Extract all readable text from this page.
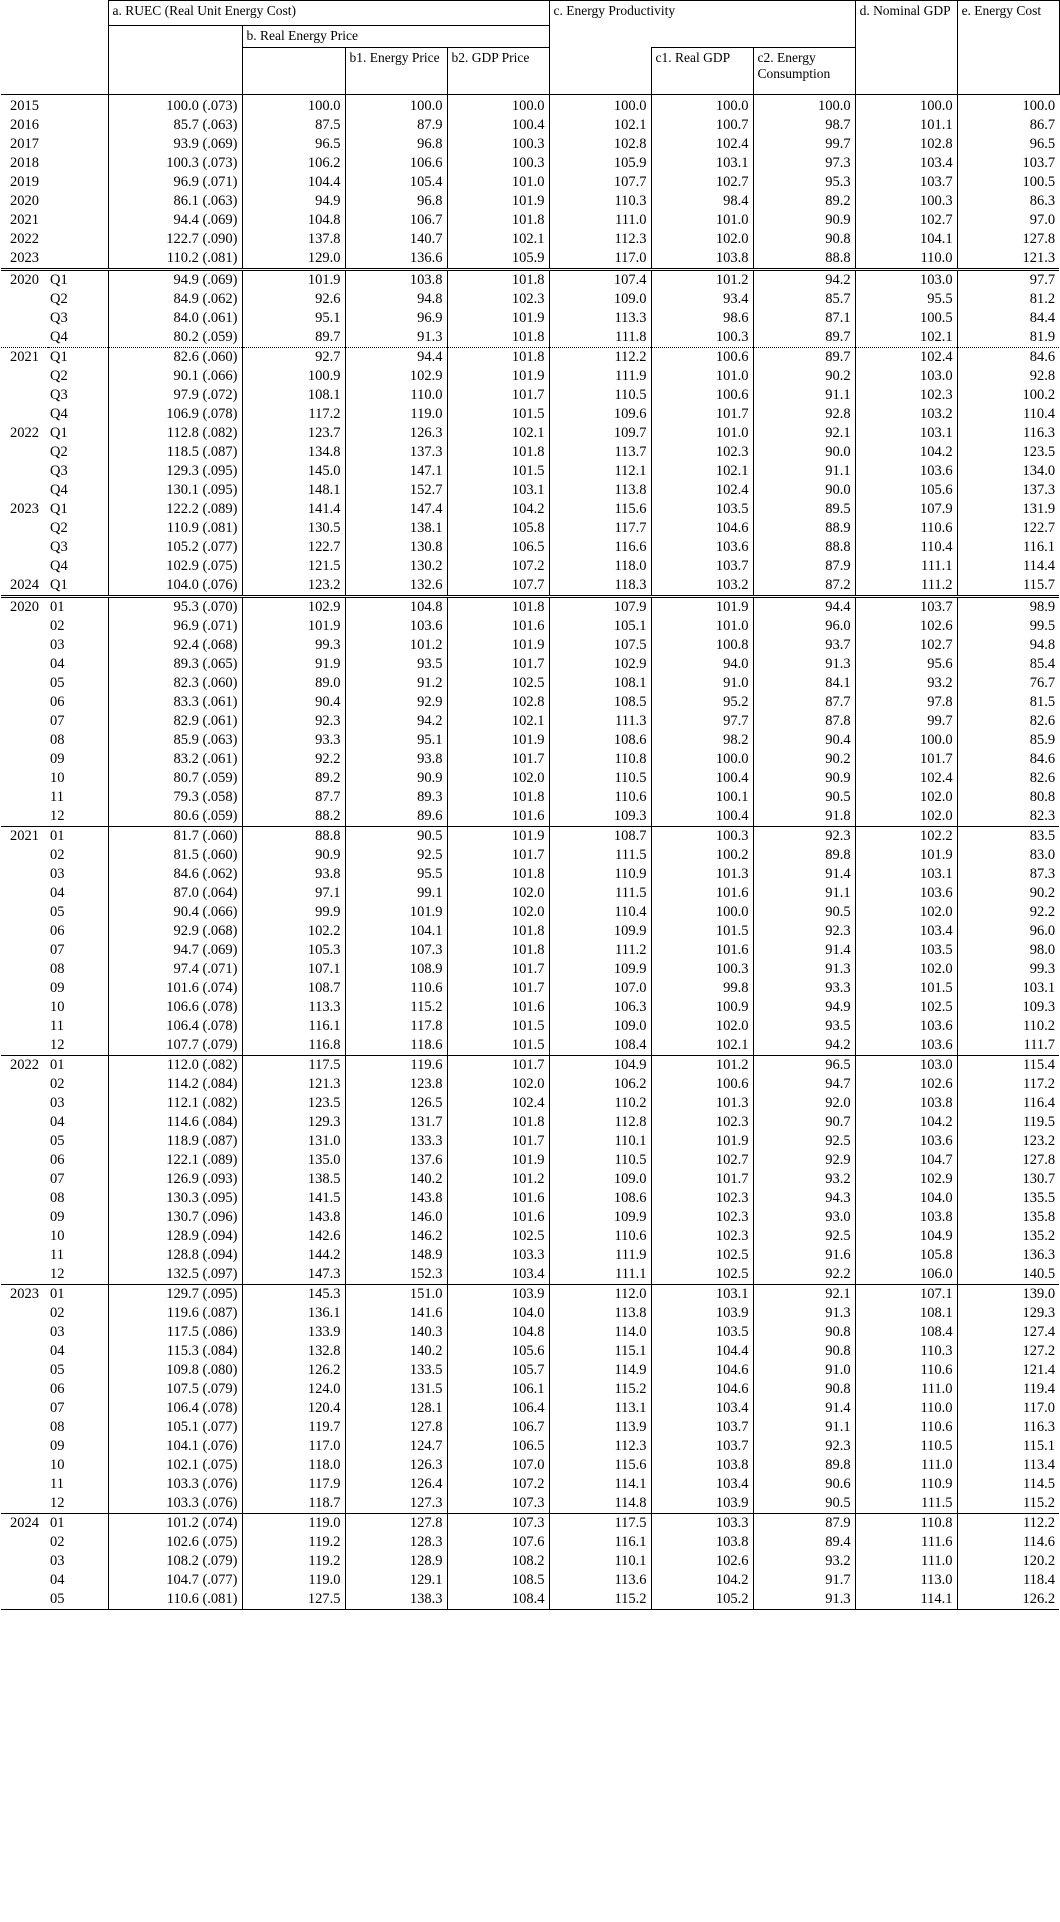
		a. RUEC (Real Unit Energy Cost)				c. Energy Productivity			d. Nominal GDP	e. Energy Cost
			b. Real Energy Price							
				b1. Energy Price	b2. GDP Price		c1. Real GDP	c2. Energy Consumption		

2015		100.0 (.073)	100.0	100.0	100.0	100.0	100.0	100.0	100.0	100.0
2016		85.7 (.063)	87.5	87.9	100.4	102.1	100.7	98.7	101.1	86.7
2017		93.9 (.069)	96.5	96.8	100.3	102.8	102.4	99.7	102.8	96.5
2018		100.3 (.073)	106.2	106.6	100.3	105.9	103.1	97.3	103.4	103.7
2019		96.9 (.071)	104.4	105.4	101.0	107.7	102.7	95.3	103.7	100.5
2020		86.1 (.063)	94.9	96.8	101.9	110.3	98.4	89.2	100.3	86.3
2021		94.4 (.069)	104.8	106.7	101.8	111.0	101.0	90.9	102.7	97.0
2022		122.7 (.090)	137.8	140.7	102.1	112.3	102.0	90.8	104.1	127.8
2023		110.2 (.081)	129.0	136.6	105.9	117.0	103.8	88.8	110.0	121.3
2020	Q1	94.9 (.069)	101.9	103.8	101.8	107.4	101.2	94.2	103.0	97.7
	Q2	84.9 (.062)	92.6	94.8	102.3	109.0	93.4	85.7	95.5	81.2
	Q3	84.0 (.061)	95.1	96.9	101.9	113.3	98.6	87.1	100.5	84.4
	Q4	80.2 (.059)	89.7	91.3	101.8	111.8	100.3	89.7	102.1	81.9
2021	Q1	82.6 (.060)	92.7	94.4	101.8	112.2	100.6	89.7	102.4	84.6
	Q2	90.1 (.066)	100.9	102.9	101.9	111.9	101.0	90.2	103.0	92.8
	Q3	97.9 (.072)	108.1	110.0	101.7	110.5	100.6	91.1	102.3	100.2
	Q4	106.9 (.078)	117.2	119.0	101.5	109.6	101.7	92.8	103.2	110.4
2022	Q1	112.8 (.082)	123.7	126.3	102.1	109.7	101.0	92.1	103.1	116.3
	Q2	118.5 (.087)	134.8	137.3	101.8	113.7	102.3	90.0	104.2	123.5
	Q3	129.3 (.095)	145.0	147.1	101.5	112.1	102.1	91.1	103.6	134.0
	Q4	130.1 (.095)	148.1	152.7	103.1	113.8	102.4	90.0	105.6	137.3
2023	Q1	122.2 (.089)	141.4	147.4	104.2	115.6	103.5	89.5	107.9	131.9
	Q2	110.9 (.081)	130.5	138.1	105.8	117.7	104.6	88.9	110.6	122.7
	Q3	105.2 (.077)	122.7	130.8	106.5	116.6	103.6	88.8	110.4	116.1
	Q4	102.9 (.075)	121.5	130.2	107.2	118.0	103.7	87.9	111.1	114.4
2024	Q1	104.0 (.076)	123.2	132.6	107.7	118.3	103.2	87.2	111.2	115.7
2020	01	95.3 (.070)	102.9	104.8	101.8	107.9	101.9	94.4	103.7	98.9
	02	96.9 (.071)	101.9	103.6	101.6	105.1	101.0	96.0	102.6	99.5
	03	92.4 (.068)	99.3	101.2	101.9	107.5	100.8	93.7	102.7	94.8
	04	89.3 (.065)	91.9	93.5	101.7	102.9	94.0	91.3	95.6	85.4
	05	82.3 (.060)	89.0	91.2	102.5	108.1	91.0	84.1	93.2	76.7
	06	83.3 (.061)	90.4	92.9	102.8	108.5	95.2	87.7	97.8	81.5
	07	82.9 (.061)	92.3	94.2	102.1	111.3	97.7	87.8	99.7	82.6
	08	85.9 (.063)	93.3	95.1	101.9	108.6	98.2	90.4	100.0	85.9
	09	83.2 (.061)	92.2	93.8	101.7	110.8	100.0	90.2	101.7	84.6
	10	80.7 (.059)	89.2	90.9	102.0	110.5	100.4	90.9	102.4	82.6
	11	79.3 (.058)	87.7	89.3	101.8	110.6	100.1	90.5	102.0	80.8
	12	80.6 (.059)	88.2	89.6	101.6	109.3	100.4	91.8	102.0	82.3
2021	01	81.7 (.060)	88.8	90.5	101.9	108.7	100.3	92.3	102.2	83.5
	02	81.5 (.060)	90.9	92.5	101.7	111.5	100.2	89.8	101.9	83.0
	03	84.6 (.062)	93.8	95.5	101.8	110.9	101.3	91.4	103.1	87.3
	04	87.0 (.064)	97.1	99.1	102.0	111.5	101.6	91.1	103.6	90.2
	05	90.4 (.066)	99.9	101.9	102.0	110.4	100.0	90.5	102.0	92.2
	06	92.9 (.068)	102.2	104.1	101.8	109.9	101.5	92.3	103.4	96.0
	07	94.7 (.069)	105.3	107.3	101.8	111.2	101.6	91.4	103.5	98.0
	08	97.4 (.071)	107.1	108.9	101.7	109.9	100.3	91.3	102.0	99.3
	09	101.6 (.074)	108.7	110.6	101.7	107.0	99.8	93.3	101.5	103.1
	10	106.6 (.078)	113.3	115.2	101.6	106.3	100.9	94.9	102.5	109.3
	11	106.4 (.078)	116.1	117.8	101.5	109.0	102.0	93.5	103.6	110.2
	12	107.7 (.079)	116.8	118.6	101.5	108.4	102.1	94.2	103.6	111.7
2022	01	112.0 (.082)	117.5	119.6	101.7	104.9	101.2	96.5	103.0	115.4
	02	114.2 (.084)	121.3	123.8	102.0	106.2	100.6	94.7	102.6	117.2
	03	112.1 (.082)	123.5	126.5	102.4	110.2	101.3	92.0	103.8	116.4
	04	114.6 (.084)	129.3	131.7	101.8	112.8	102.3	90.7	104.2	119.5
	05	118.9 (.087)	131.0	133.3	101.7	110.1	101.9	92.5	103.6	123.2
	06	122.1 (.089)	135.0	137.6	101.9	110.5	102.7	92.9	104.7	127.8
	07	126.9 (.093)	138.5	140.2	101.2	109.0	101.7	93.2	102.9	130.7
	08	130.3 (.095)	141.5	143.8	101.6	108.6	102.3	94.3	104.0	135.5
	09	130.7 (.096)	143.8	146.0	101.6	109.9	102.3	93.0	103.8	135.8
	10	128.9 (.094)	142.6	146.2	102.5	110.6	102.3	92.5	104.9	135.2
	11	128.8 (.094)	144.2	148.9	103.3	111.9	102.5	91.6	105.8	136.3
	12	132.5 (.097)	147.3	152.3	103.4	111.1	102.5	92.2	106.0	140.5
2023	01	129.7 (.095)	145.3	151.0	103.9	112.0	103.1	92.1	107.1	139.0
	02	119.6 (.087)	136.1	141.6	104.0	113.8	103.9	91.3	108.1	129.3
	03	117.5 (.086)	133.9	140.3	104.8	114.0	103.5	90.8	108.4	127.4
	04	115.3 (.084)	132.8	140.2	105.6	115.1	104.4	90.8	110.3	127.2
	05	109.8 (.080)	126.2	133.5	105.7	114.9	104.6	91.0	110.6	121.4
	06	107.5 (.079)	124.0	131.5	106.1	115.2	104.6	90.8	111.0	119.4
	07	106.4 (.078)	120.4	128.1	106.4	113.1	103.4	91.4	110.0	117.0
	08	105.1 (.077)	119.7	127.8	106.7	113.9	103.7	91.1	110.6	116.3
	09	104.1 (.076)	117.0	124.7	106.5	112.3	103.7	92.3	110.5	115.1
	10	102.1 (.075)	118.0	126.3	107.0	115.6	103.8	89.8	111.0	113.4
	11	103.3 (.076)	117.9	126.4	107.2	114.1	103.4	90.6	110.9	114.5
	12	103.3 (.076)	118.7	127.3	107.3	114.8	103.9	90.5	111.5	115.2
2024	01	101.2 (.074)	119.0	127.8	107.3	117.5	103.3	87.9	110.8	112.2
	02	102.6 (.075)	119.2	128.3	107.6	116.1	103.8	89.4	111.6	114.6
	03	108.2 (.079)	119.2	128.9	108.2	110.1	102.6	93.2	111.0	120.2
	04	104.7 (.077)	119.0	129.1	108.5	113.6	104.2	91.7	113.0	118.4
	05	110.6 (.081)	127.5	138.3	108.4	115.2	105.2	91.3	114.1	126.2
